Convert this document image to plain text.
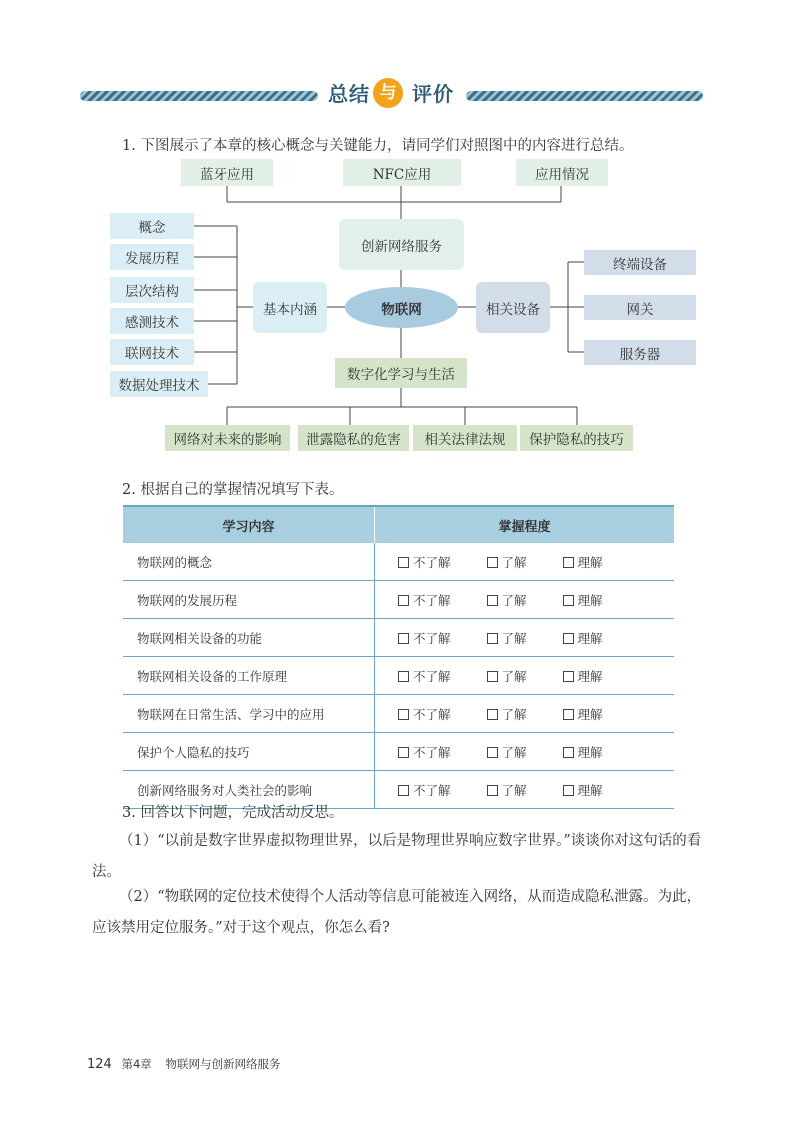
总结 与 评价
1. 下图展示了本章的核心概念与关键能力，请同学们对照图中的内容进行总结。
蓝牙应用	NFC应用	应用情况
创新网络服务
物联网
基本内涵
概念
发展历程
层次结构
感测技术
联网技术
数据处理技术
相关设备
终端设备
网关
服务器
数字化学习与生活
网络对未来的影响	泄露隐私的危害	相关法律法规	保护隐私的技巧
2. 根据自己的掌握情况填写下表。
学习内容	掌握程度
物联网的概念	不了解 了解 理解
物联网的发展历程	不了解 了解 理解
物联网相关设备的功能	不了解 了解 理解
物联网相关设备的工作原理	不了解 了解 理解
物联网在日常生活、学习中的应用	不了解 了解 理解
保护个人隐私的技巧	不了解 了解 理解
创新网络服务对人类社会的影响	不了解 了解 理解
3. 回答以下问题，完成活动反思。
（1）“以前是数字世界虚拟物理世界，以后是物理世界响应数字世界。”谈谈你对这句话的看法。
（2）“物联网的定位技术使得个人活动等信息可能被连入网络，从而造成隐私泄露。为此，应该禁用定位服务。”对于这个观点，你怎么看?
124 第4章 物联网与创新网络服务
